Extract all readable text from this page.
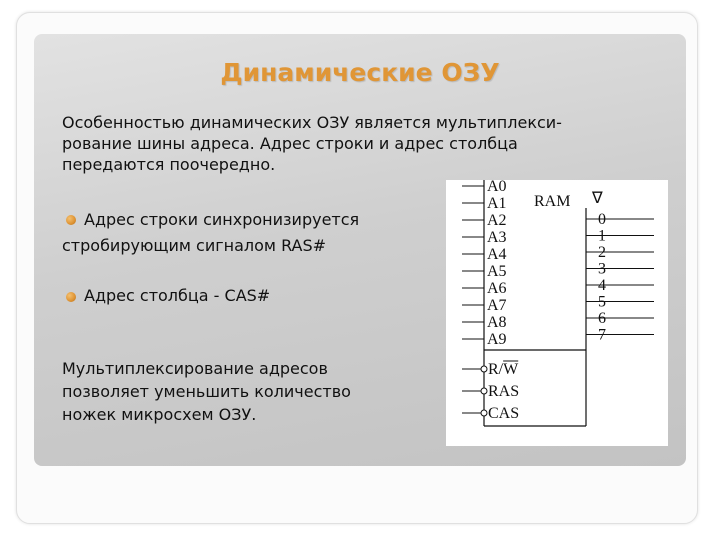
Динамические ОЗУ
Особенностью динамических ОЗУ является мультиплекси-
рование шины адреса. Адрес строки и адрес столбца
передаются поочередно.
Адрес строки синхронизируется
стробирующим сигналом RAS#
Адрес столбца - CAS#
Мультиплексирование адресов
позволяет уменьшить количество
ножек микросхем ОЗУ.
RAM ∇
A0
A1
A2
A3
A4
A5
A6
A7
A8
A9
R/W
RAS
CAS
0
1
2
3
4
5
6
7
